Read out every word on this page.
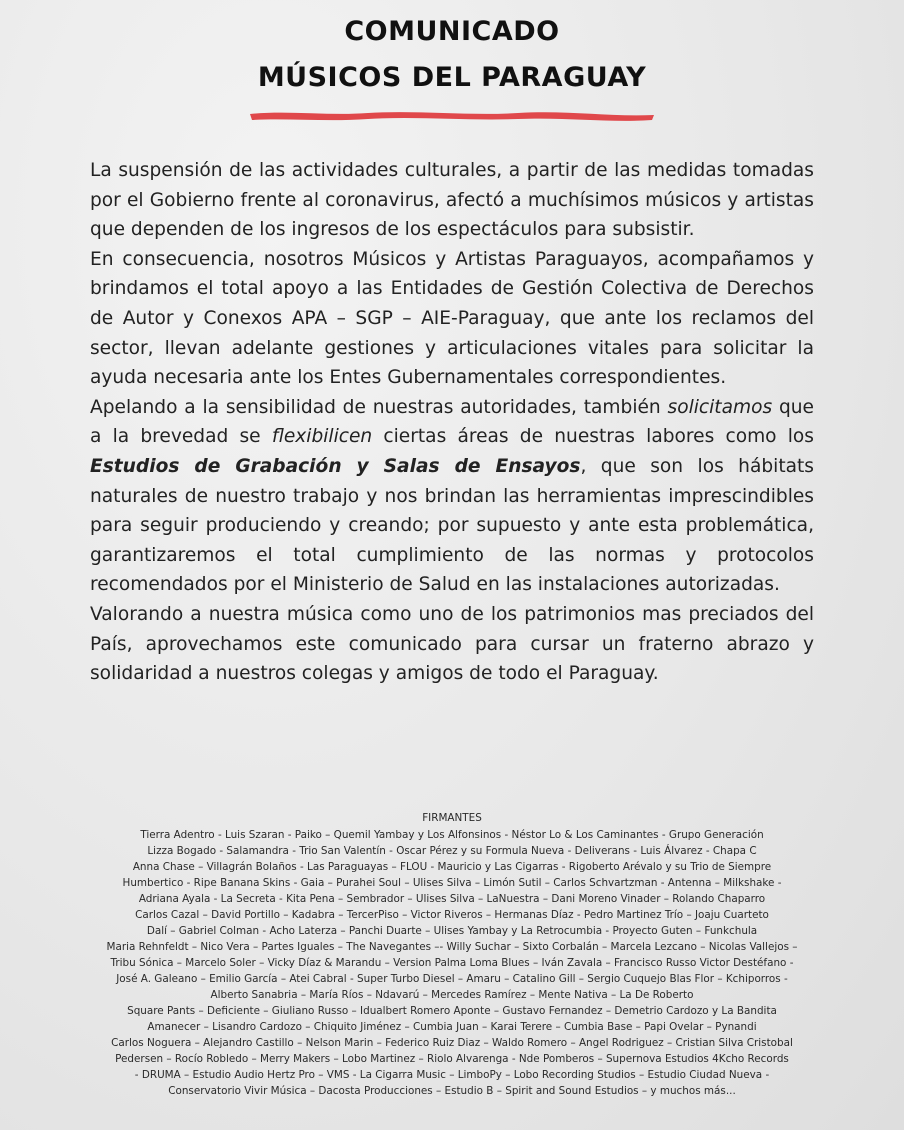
COMUNICADO
MÚSICOS DEL PARAGUAY

La suspensión de las actividades culturales, a partir de las medidas tomadas por el Gobierno frente al coronavirus, afectó a muchísimos músicos y artistas que dependen de los ingresos de los espectáculos para subsistir.

En consecuencia, nosotros Músicos y Artistas Paraguayos, acompañamos y brindamos el total apoyo a las Entidades de Gestión Colectiva de Derechos de Autor y Conexos APA – SGP – AIE-Paraguay, que ante los reclamos del sector, llevan adelante gestiones y articulaciones vitales para solicitar la ayuda necesaria ante los Entes Gubernamentales correspondientes.

Apelando a la sensibilidad de nuestras autoridades, también solicitamos que a la brevedad se flexibilicen ciertas áreas de nuestras labores como los Estudios de Grabación y Salas de Ensayos, que son los hábitats naturales de nuestro trabajo y nos brindan las herramientas imprescindibles para seguir produciendo y creando; por supuesto y ante esta problemática, garantizaremos el total cumplimiento de las normas y protocolos recomendados por el Ministerio de Salud en las instalaciones autorizadas.

Valorando a nuestra música como uno de los patrimonios mas preciados del País, aprovechamos este comunicado para cursar un fraterno abrazo y solidaridad a nuestros colegas y amigos de todo el Paraguay.

FIRMANTES
Tierra Adentro - Luis Szaran - Paiko – Quemil Yambay y Los Alfonsinos - Néstor Lo & Los Caminantes - Grupo Generación
Lizza Bogado - Salamandra - Trio San Valentín - Oscar Pérez y su Formula Nueva - Deliverans - Luis Álvarez - Chapa C
Anna Chase – Villagrán Bolaños - Las Paraguayas – FLOU - Mauricio y Las Cigarras - Rigoberto Arévalo y su Trio de Siempre
Humbertico - Ripe Banana Skins - Gaia – Purahei Soul – Ulises Silva – Limón Sutil – Carlos Schvartzman - Antenna – Milkshake -
Adriana Ayala - La Secreta - Kita Pena – Sembrador – Ulises Silva – LaNuestra – Dani Moreno Vinader – Rolando Chaparro
Carlos Cazal – David Portillo – Kadabra – TercerPiso – Victor Riveros – Hermanas Díaz - Pedro Martinez Trío – Joaju Cuarteto
Dalí – Gabriel Colman - Acho Laterza – Panchi Duarte – Ulises Yambay y La Retrocumbia - Proyecto Guten – Funkchula
Maria Rehnfeldt – Nico Vera – Partes Iguales – The Navegantes –- Willy Suchar – Sixto Corbalán – Marcela Lezcano – Nicolas Vallejos –
Tribu Sónica – Marcelo Soler – Vicky Díaz & Marandu – Version Palma Loma Blues – Iván Zavala – Francisco Russo Victor Destéfano -
José A. Galeano – Emilio García – Atei Cabral - Super Turbo Diesel – Amaru – Catalino Gill – Sergio Cuquejo Blas Flor – Kchiporros -
Alberto Sanabria – María Ríos – Ndavarú – Mercedes Ramírez – Mente Nativa – La De Roberto
Square Pants – Deficiente – Giuliano Russo – Idualbert Romero Aponte – Gustavo Fernandez – Demetrio Cardozo y La Bandita
Amanecer – Lisandro Cardozo – Chiquito Jiménez – Cumbia Juan – Karai Terere – Cumbia Base – Papi Ovelar – Pynandi
Carlos Noguera – Alejandro Castillo – Nelson Marin – Federico Ruiz Diaz – Waldo Romero – Angel Rodriguez – Cristian Silva Cristobal
Pedersen – Rocío Robledo – Merry Makers – Lobo Martinez – Riolo Alvarenga - Nde Pomberos – Supernova Estudios 4Kcho Records
- DRUMA – Estudio Audio Hertz Pro – VMS - La Cigarra Music – LimboPy – Lobo Recording Studios – Estudio Ciudad Nueva -
Conservatorio Vivir Música – Dacosta Producciones – Estudio B – Spirit and Sound Estudios – y muchos más...
